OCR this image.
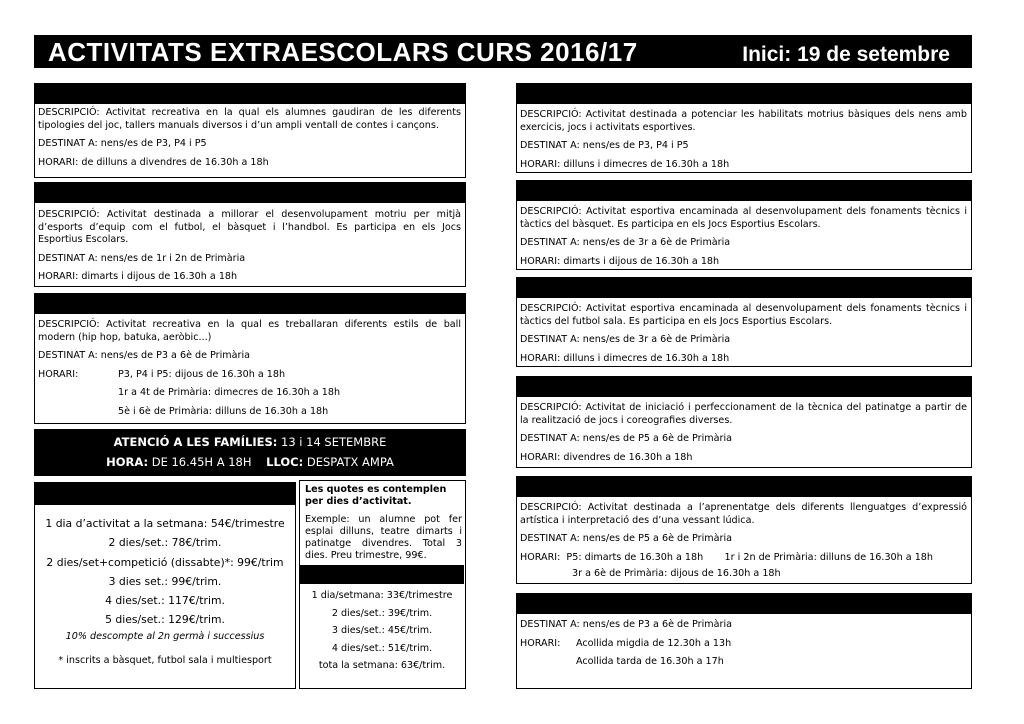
ACTIVITATS EXTRAESCOLARS CURS 2016/17	Inici: 19 de setembre

DESCRIPCIÓ: Activitat recreativa en la qual els alumnes gaudiran de les diferents tipologies del joc, tallers manuals diversos i d’un ampli ventall de contes i cançons.

DESTINAT A: nens/es de P3, P4 i P5

HORARI: de dilluns a divendres de 16.30h a 18h

DESCRIPCIÓ: Activitat destinada a millorar el desenvolupament motriu per mitjà d’esports d’equip com el futbol, el bàsquet i l’handbol. Es participa en els Jocs Esportius Escolars.

DESTINAT A: nens/es de 1r i 2n de Primària

HORARI: dimarts i dijous de 16.30h a 18h

DESCRIPCIÓ: Activitat recreativa en la qual es treballaran diferents estils de ball modern (hip hop, batuka, aeròbic...)

DESTINAT A: nens/es de P3 a 6è de Primària

HORARI:	P3, P4 i P5: dijous de 16.30h a 18h
1r a 4t de Primària: dimecres de 16.30h a 18h
5è i 6è de Primària: dilluns de 16.30h a 18h
ATENCIÓ A LES FAMÍLIES: 13 i 14 SETEMBRE
HORA: DE 16.45H A 18H LLOC: DESPATX AMPA
1 dia d’activitat a la setmana: 54€/trimestre
2 dies/set.: 78€/trim.
2 dies/set+competició (dissabte)*: 99€/trim
3 dies set.: 99€/trim.
4 dies/set.: 117€/trim.
5 dies/set.: 129€/trim.
10% descompte al 2n germà i successius
* inscrits a bàsquet, futbol sala i multiesport
Les quotes es contemplen per dies d’activitat.
Exemple: un alumne pot fer esplai dilluns, teatre dimarts i patinatge divendres. Total 3 dies. Preu trimestre, 99€.
1 dia/setmana: 33€/trimestre
2 dies/set.: 39€/trim.
3 dies/set.: 45€/trim.
4 dies/set.: 51€/trim.
tota la setmana: 63€/trim.

DESCRIPCIÓ: Activitat destinada a potenciar les habilitats motrius bàsiques dels nens amb exercicis, jocs i activitats esportives.

DESTINAT A: nens/es de P3, P4 i P5

HORARI: dilluns i dimecres de 16.30h a 18h

DESCRIPCIÓ: Activitat esportiva encaminada al desenvolupament dels fonaments tècnics i tàctics del bàsquet. Es participa en els Jocs Esportius Escolars.

DESTINAT A: nens/es de 3r a 6è de Primària

HORARI: dimarts i dijous de 16.30h a 18h

DESCRIPCIÓ: Activitat esportiva encaminada al desenvolupament dels fonaments tècnics i tàctics del futbol sala. Es participa en els Jocs Esportius Escolars.

DESTINAT A: nens/es de 3r a 6è de Primària

HORARI: dilluns i dimecres de 16.30h a 18h

DESCRIPCIÓ: Activitat de iniciació i perfeccionament de la tècnica del patinatge a partir de la realització de jocs i coreografies diverses.

DESTINAT A: nens/es de P5 a 6è de Primària

HORARI: divendres de 16.30h a 18h

DESCRIPCIÓ: Activitat destinada a l’aprenentatge dels diferents llenguatges d’expressió artística i interpretació des d’una vessant lúdica.

DESTINAT A: nens/es de P5 a 6è de Primària

HORARI:  P5: dimarts de 16.30h a 18h       1r i 2n de Primària: dilluns de 16.30h a 18h

3r a 6è de Primària: dijous de 16.30h a 18h

DESTINAT A: nens/es de P3 a 6è de Primària

HORARI:	Acollida migdia de 12.30h a 13h
Acollida tarda de 16.30h a 17h
